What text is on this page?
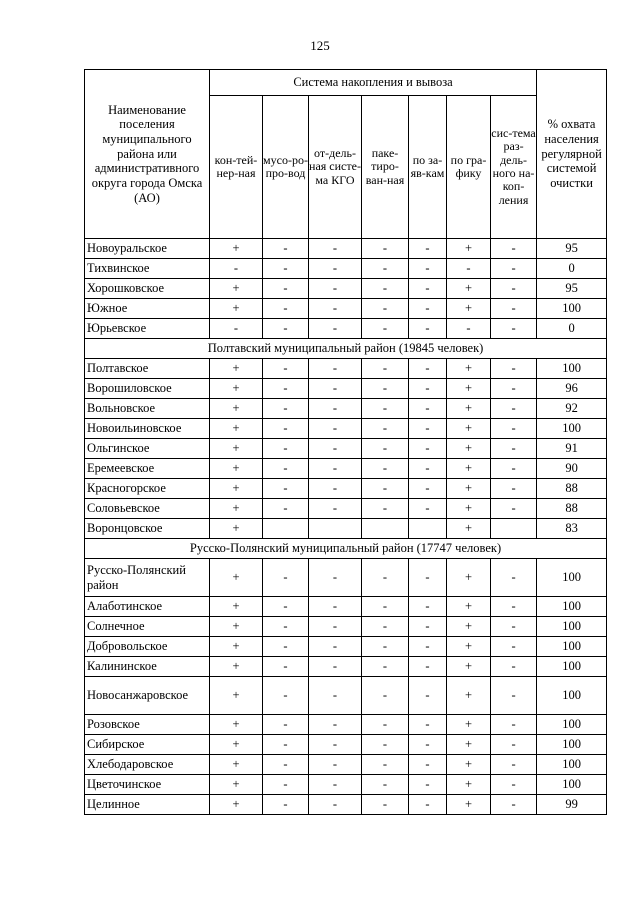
125
Наименование поселения муниципального района или административного округа города Омска (АО)	Система накопления и вывоза							% охвата населения регулярной системой очистки

	кон-тей-нер-ная	мусо-ро-про-вод	от-дель-ная систе-ма КГО	паке-тиро-ван-ная	по за-яв-кам	по гра-фику	сис-тема раз-дель-ного на-коп-ления	
Новоуральское	+	-	-	-	-	+	-	95
Тихвинское	-	-	-	-	-	-	-	0
Хорошковское	+	-	-	-	-	+	-	95
Южное	+	-	-	-	-	+	-	100
Юрьевское	-	-	-	-	-	-	-	0
Полтавский муниципальный район (19845 человек)								
Полтавское	+	-	-	-	-	+	-	100
Ворошиловское	+	-	-	-	-	+	-	96
Вольновское	+	-	-	-	-	+	-	92
Новоильиновское	+	-	-	-	-	+	-	100
Ольгинское	+	-	-	-	-	+	-	91
Еремеевское	+	-	-	-	-	+	-	90
Красногорское	+	-	-	-	-	+	-	88
Соловьевское	+	-	-	-	-	+	-	88
Воронцовское	+					+		83
Русско-Полянский муниципальный район (17747 человек)								
Русско-Полянский район	+	-	-	-	-	+	-	100
Алаботинское	+	-	-	-	-	+	-	100
Солнечное	+	-	-	-	-	+	-	100
Добровольское	+	-	-	-	-	+	-	100
Калининское	+	-	-	-	-	+	-	100
Новосанжаровское	+	-	-	-	-	+	-	100
Розовское	+	-	-	-	-	+	-	100
Сибирское	+	-	-	-	-	+	-	100
Хлебодаровское	+	-	-	-	-	+	-	100
Цветочинское	+	-	-	-	-	+	-	100
Целинное	+	-	-	-	-	+	-	99
